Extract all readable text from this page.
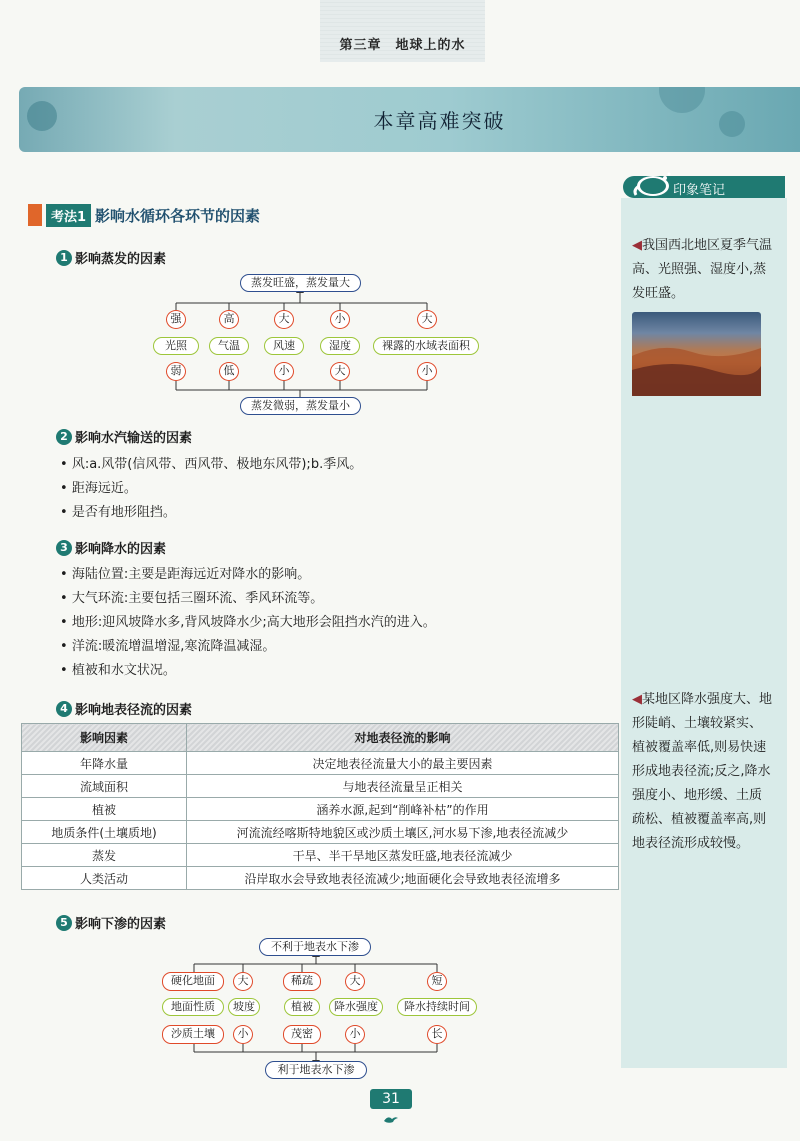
第三章　地球上的水
本章高难突破
印象笔记
◀我国西北地区夏季气温高、光照强、湿度小,蒸发旺盛。
◀某地区降水强度大、地形陡峭、土壤较紧实、植被覆盖率低,则易快速形成地表径流;反之,降水强度小、地形缓、土质疏松、植被覆盖率高,则地表径流形成较慢。
考法1 影响水循环各环节的因素
1 影响蒸发的因素
蒸发旺盛，蒸发量大
蒸发微弱，蒸发量小
强
光照
弱
高
气温
低
大
风速
小
小
湿度
大
大
裸露的水域表面积
小
2 影响水汽输送的因素
• 风:a.风带(信风带、西风带、极地东风带);b.季风。
• 距海远近。
• 是否有地形阻挡。
3 影响降水的因素
• 海陆位置:主要是距海远近对降水的影响。
• 大气环流:主要包括三圈环流、季风环流等。
• 地形:迎风坡降水多,背风坡降水少;高大地形会阻挡水汽的进入。
• 洋流:暖流增温增湿,寒流降温减湿。
• 植被和水文状况。
4 影响地表径流的因素
影响因素	对地表径流的影响
年降水量	决定地表径流量大小的最主要因素
流域面积	与地表径流量呈正相关
植被	涵养水源,起到“削峰补枯”的作用
地质条件(土壤质地)	河流流经喀斯特地貌区或沙质土壤区,河水易下渗,地表径流减少
蒸发	干旱、半干旱地区蒸发旺盛,地表径流减少
人类活动	沿岸取水会导致地表径流减少;地面硬化会导致地表径流增多
5 影响下渗的因素
不利于地表水下渗
利于地表水下渗
硬化地面
地面性质
沙质土壤
大
坡度
小
稀疏
植被
茂密
大
降水强度
小
短
降水持续时间
长
31
